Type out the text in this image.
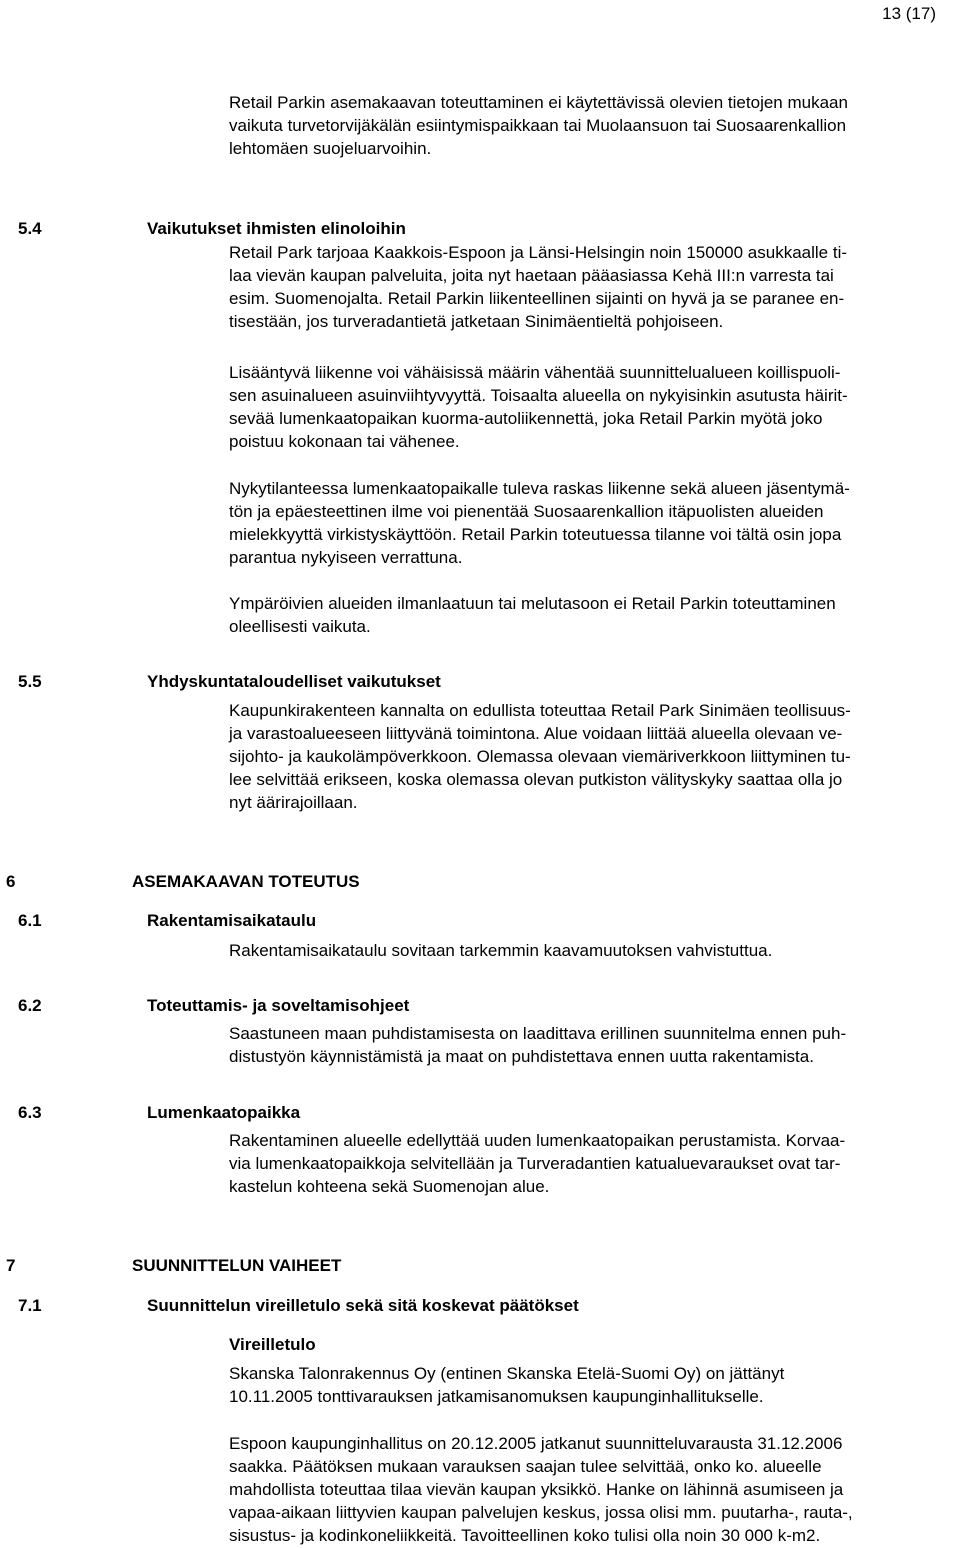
13 (17)

Retail Parkin asemakaavan toteuttaminen ei käytettävissä olevien tietojen mukaan
vaikuta turvetorvijäkälän esiintymispaikkaan tai Muolaansuon tai Suosaarenkallion
lehtomäen suojeluarvoihin.

5.4	Vaikutukset ihmisten elinoloihin

Retail Park tarjoaa Kaakkois-Espoon ja Länsi-Helsingin noin 150000 asukkaalle ti-
laa vievän kaupan palveluita, joita nyt haetaan pääasiassa Kehä III:n varresta tai
esim. Suomenojalta. Retail Parkin liikenteellinen sijainti on hyvä ja se paranee en-
tisestään, jos turveradantietä jatketaan Sinimäentieltä pohjoiseen.

Lisääntyvä liikenne voi vähäisissä määrin vähentää suunnittelualueen koillispuoli-
sen asuinalueen asuinviihtyvyyttä. Toisaalta alueella on nykyisinkin asutusta häirit-
sevää lumenkaatopaikan kuorma-autoliikennettä, joka Retail Parkin myötä joko
poistuu kokonaan tai vähenee.

Nykytilanteessa lumenkaatopaikalle tuleva raskas liikenne sekä alueen jäsentymä-
tön ja epäesteettinen ilme voi pienentää Suosaarenkallion itäpuolisten alueiden
mielekkyyttä virkistyskäyttöön. Retail Parkin toteutuessa tilanne voi tältä osin jopa
parantua nykyiseen verrattuna.

Ympäröivien alueiden ilmanlaatuun tai melutasoon ei Retail Parkin toteuttaminen
oleellisesti vaikuta.

5.5	Yhdyskuntataloudelliset vaikutukset

Kaupunkirakenteen kannalta on edullista toteuttaa Retail Park Sinimäen teollisuus-
ja varastoalueeseen liittyvänä toimintona. Alue voidaan liittää alueella olevaan ve-
sijohto- ja kaukolämpöverkkoon. Olemassa olevaan viemäriverkkoon liittyminen tu-
lee selvittää erikseen, koska olemassa olevan putkiston välityskyky saattaa olla jo
nyt äärirajoillaan.

6	ASEMAKAAVAN TOTEUTUS
6.1	Rakentamisaikataulu

Rakentamisaikataulu sovitaan tarkemmin kaavamuutoksen vahvistuttua.

6.2	Toteuttamis- ja soveltamisohjeet

Saastuneen maan puhdistamisesta on laadittava erillinen suunnitelma ennen puh-
distustyön käynnistämistä ja maat on puhdistettava ennen uutta rakentamista.

6.3	Lumenkaatopaikka

Rakentaminen alueelle edellyttää uuden lumenkaatopaikan perustamista. Korvaa-
via lumenkaatopaikkoja selvitellään ja Turveradantien katualuevaraukset ovat tar-
kastelun kohteena sekä Suomenojan alue.

7	SUUNNITTELUN VAIHEET
7.1	Suunnittelun vireilletulo sekä sitä koskevat päätökset

Vireilletulo

Skanska Talonrakennus Oy (entinen Skanska Etelä-Suomi Oy) on jättänyt
10.11.2005 tonttivarauksen jatkamisanomuksen kaupunginhallitukselle.

Espoon kaupunginhallitus on 20.12.2005 jatkanut suunnitteluvarausta 31.12.2006
saakka. Päätöksen mukaan varauksen saajan tulee selvittää, onko ko. alueelle
mahdollista toteuttaa tilaa vievän kaupan yksikkö. Hanke on lähinnä asumiseen ja
vapaa-aikaan liittyvien kaupan palvelujen keskus, jossa olisi mm. puutarha-, rauta-,
sisustus- ja kodinkoneliikkeitä. Tavoitteellinen koko tulisi olla noin 30 000 k-m2.
